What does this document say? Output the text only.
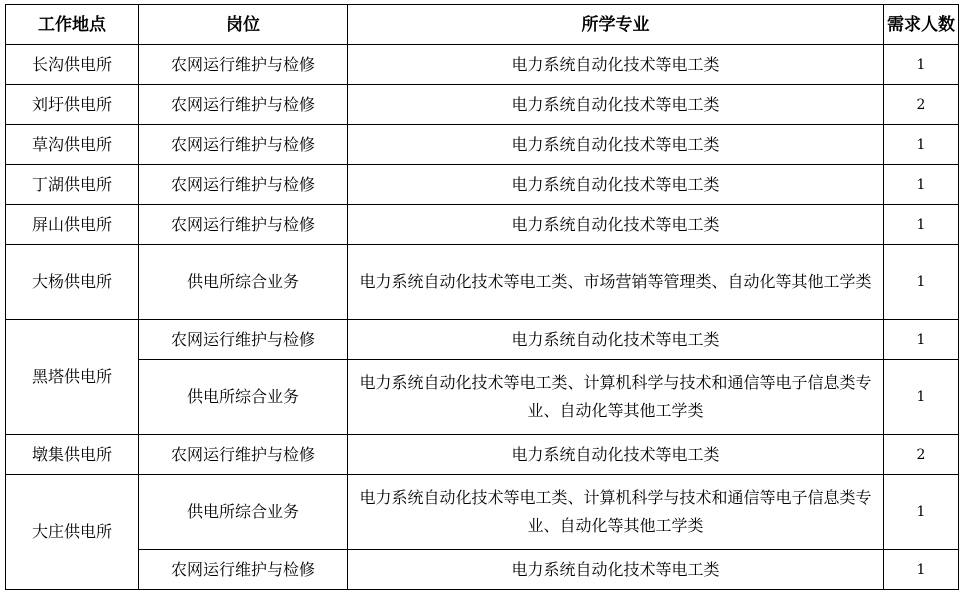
工作地点	岗位	所学专业	需求人数
长沟供电所	农网运行维护与检修	电力系统自动化技术等电工类	1
刘圩供电所	农网运行维护与检修	电力系统自动化技术等电工类	2
草沟供电所	农网运行维护与检修	电力系统自动化技术等电工类	1
丁湖供电所	农网运行维护与检修	电力系统自动化技术等电工类	1
屏山供电所	农网运行维护与检修	电力系统自动化技术等电工类	1
大杨供电所	供电所综合业务	电力系统自动化技术等电工类、市场营销等管理类、自动化等其他工学类	1
黑塔供电所	农网运行维护与检修	电力系统自动化技术等电工类	1
	供电所综合业务	电力系统自动化技术等电工类、计算机科学与技术和通信等电子信息类专业、自动化等其他工学类	1
墩集供电所	农网运行维护与检修	电力系统自动化技术等电工类	2
大庄供电所	供电所综合业务	电力系统自动化技术等电工类、计算机科学与技术和通信等电子信息类专业、自动化等其他工学类	1
	农网运行维护与检修	电力系统自动化技术等电工类	1
